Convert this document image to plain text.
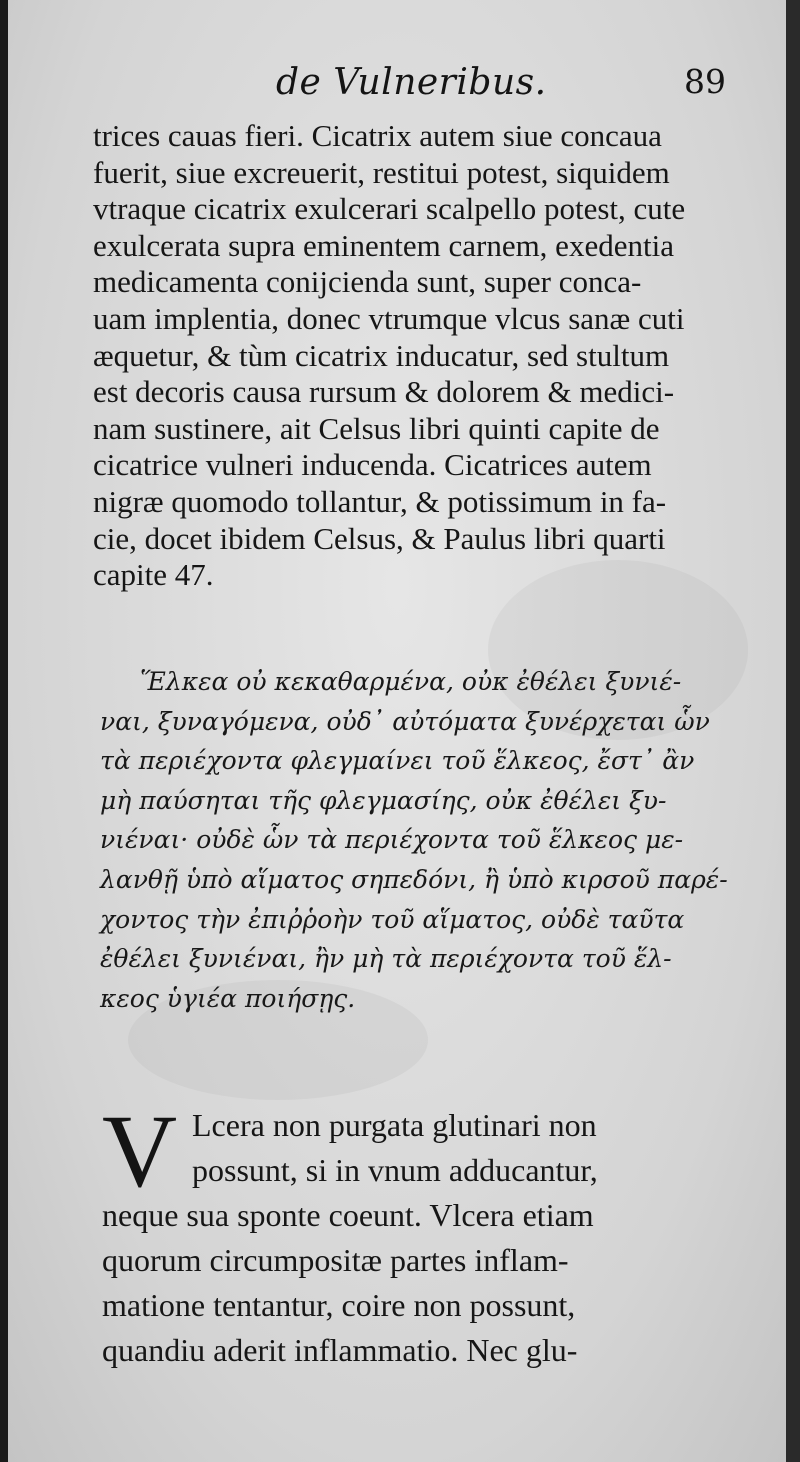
de Vulneribus.	89
trices cauas fieri. Cicatrix autem siue concaua
fuerit, siue excreuerit, restitui potest, siquidem
vtraque cicatrix exulcerari scalpello potest, cute
exulcerata supra eminentem carnem, exedentia
medicamenta conijcienda sunt, super conca-
uam implentia, donec vtrumque vlcus sanæ cuti
æquetur, & tùm cicatrix inducatur, sed stultum
est decoris causa rursum & dolorem & medici-
nam sustinere, ait Celsus libri quinti capite de
cicatrice vulneri inducenda. Cicatrices autem
nigræ quomodo tollantur, & potissimum in fa-
cie, docet ibidem Celsus, & Paulus libri quarti
capite 47.
Ἕλκεα οὐ κεκαθαρμένα, οὐκ ἐθέλει ξυνιέ-
ναι, ξυναγόμενα, οὐδ᾽ αὐτόματα ξυνέρχεται ὧν
τὰ περιέχοντα φλεγμαίνει τοῦ ἕλκεος, ἔστ᾽ ἂν
μὴ παύσηται τῆς φλεγμασίης, οὐκ ἐθέλει ξυ-
νιέναι· οὐδὲ ὧν τὰ περιέχοντα τοῦ ἕλκεος με-
λανθῇ ὑπὸ αἵματος σηπεδόνι, ἢ ὑπὸ κιρσοῦ παρέ-
χοντος τὴν ἐπιῤῥοὴν τοῦ αἵματος, οὐδὲ ταῦτα
ἐθέλει ξυνιέναι, ἢν μὴ τὰ περιέχοντα τοῦ ἕλ-
κεος ὑγιέα ποιήσῃς.
V Lcera non purgata glutinari non
possunt, si in vnum adducantur,
neque sua sponte coeunt. Vlcera etiam
quorum circumpositæ partes inflam-
matione tentantur, coire non possunt,
quandiu aderit inflammatio. Nec glu-
